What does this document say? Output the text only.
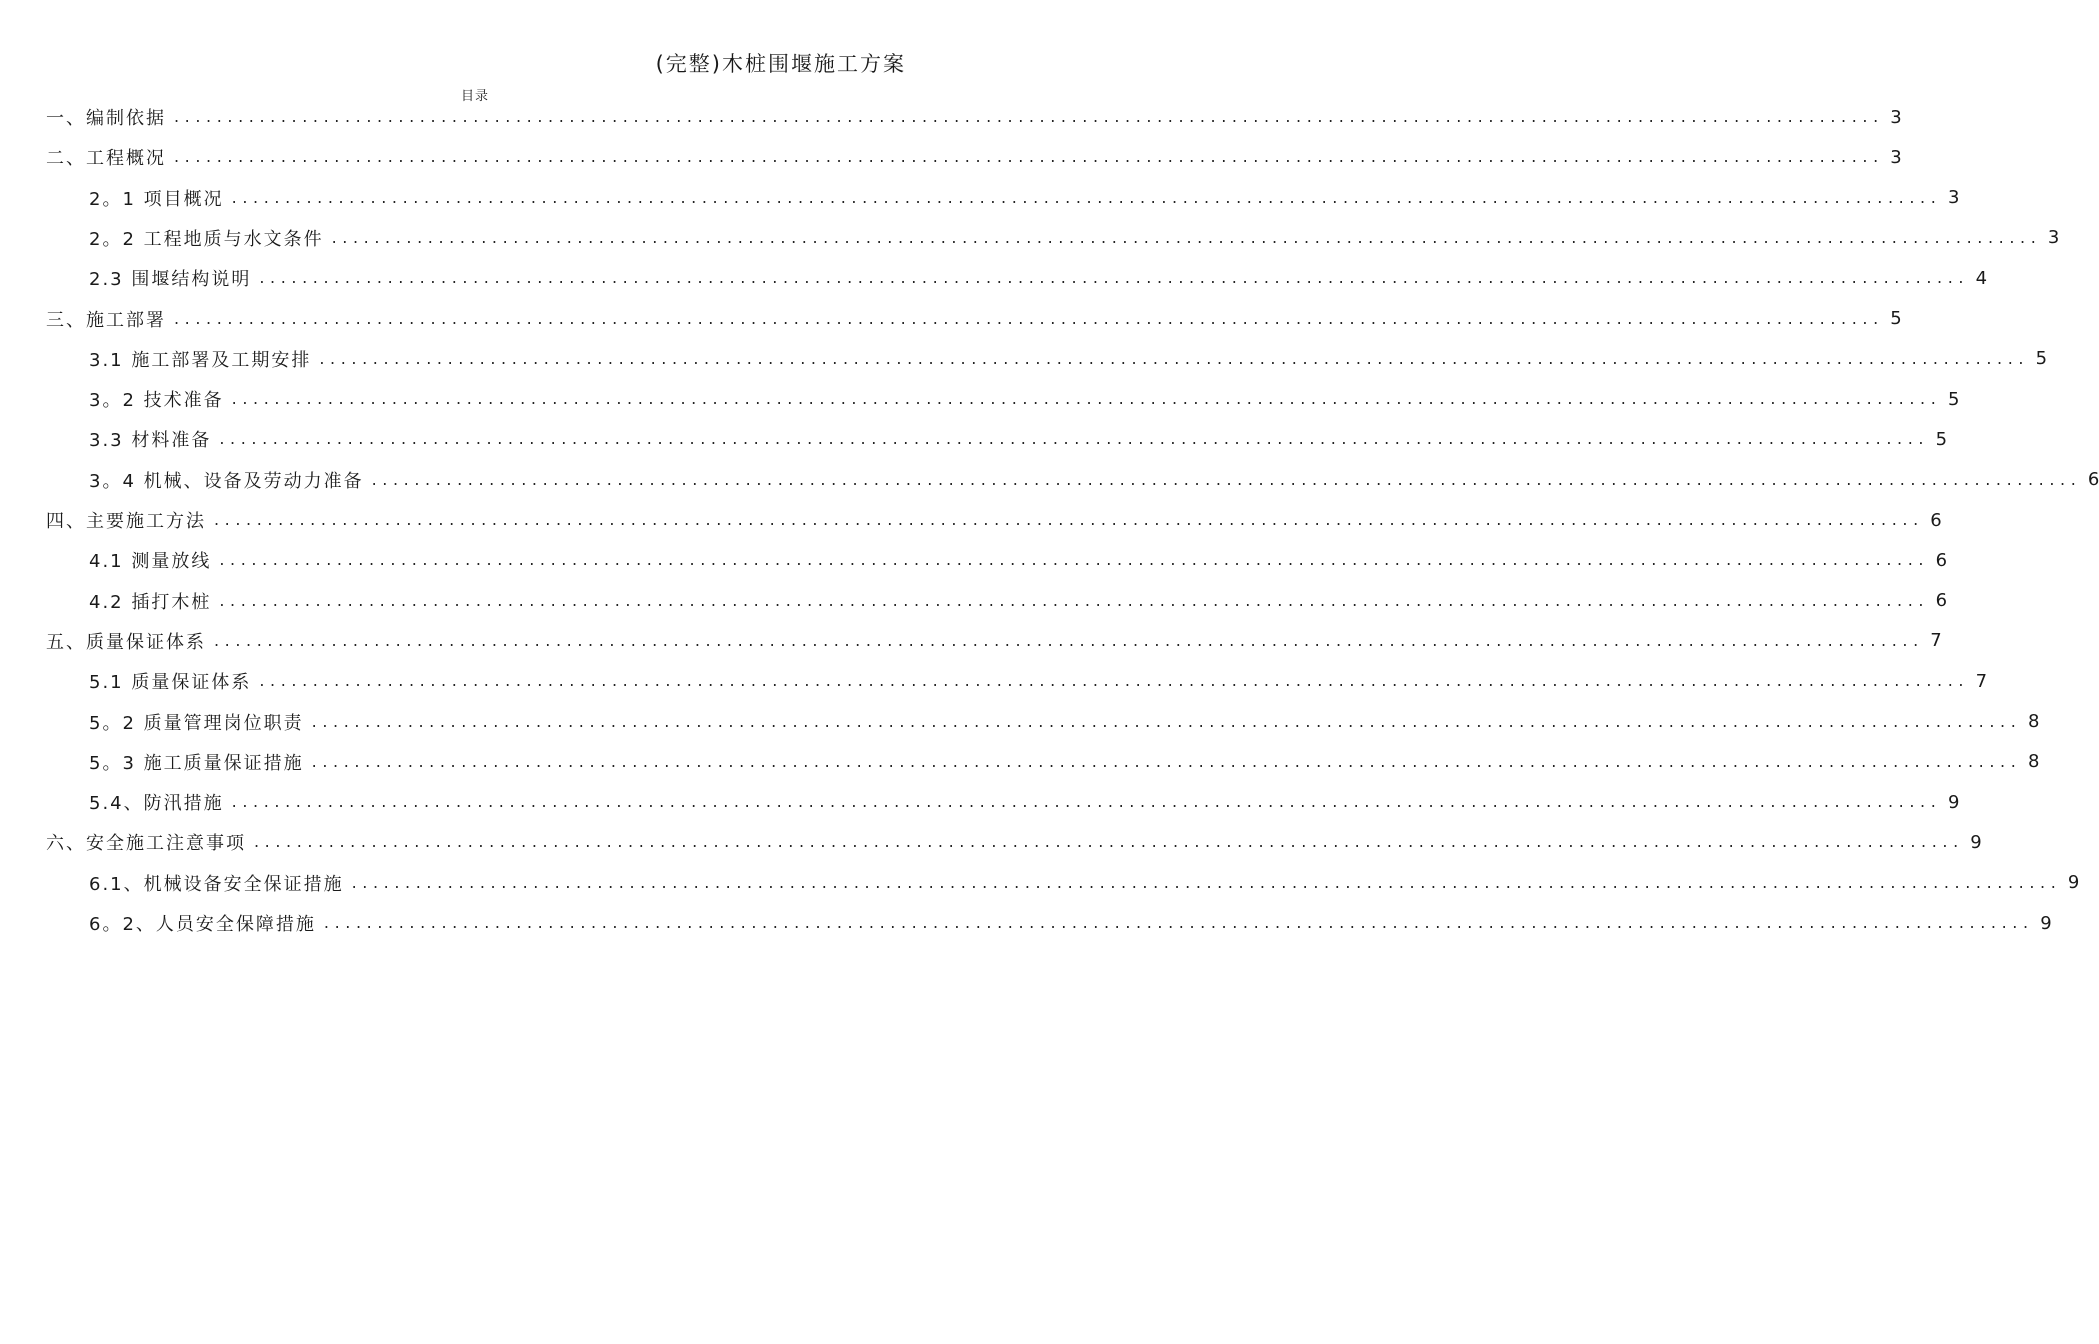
(完整)木桩围堰施工方案
目录
一、编制依据 ................................................................................................................................................................ 3
二、工程概况 ................................................................................................................................................................ 3
2。1 项目概况 ................................................................................................................................................................ 3
2。2 工程地质与水文条件 ................................................................................................................................................................ 3
2.3 围堰结构说明 ................................................................................................................................................................ 4
三、施工部署 ................................................................................................................................................................ 5
3.1 施工部署及工期安排 ................................................................................................................................................................ 5
3。2 技术准备 ................................................................................................................................................................ 5
3.3 材料准备 ................................................................................................................................................................ 5
3。4 机械、设备及劳动力准备 ................................................................................................................................................................ 6
四、主要施工方法 ................................................................................................................................................................ 6
4.1 测量放线 ................................................................................................................................................................ 6
4.2 插打木桩 ................................................................................................................................................................ 6
五、质量保证体系 ................................................................................................................................................................ 7
5.1 质量保证体系 ................................................................................................................................................................ 7
5。2 质量管理岗位职责 ................................................................................................................................................................ 8
5。3 施工质量保证措施 ................................................................................................................................................................ 8
5.4、防汛措施 ................................................................................................................................................................ 9
六、安全施工注意事项 ................................................................................................................................................................ 9
6.1、机械设备安全保证措施 ................................................................................................................................................................ 9
6。2、人员安全保障措施 ................................................................................................................................................................ 9
